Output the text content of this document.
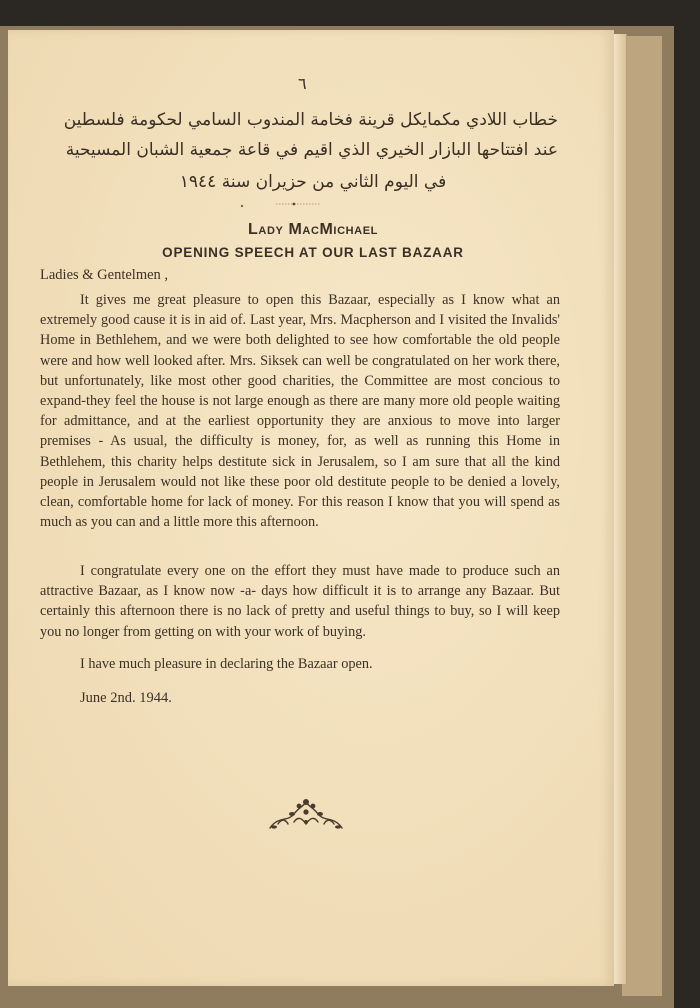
٦
خطاب اللادي مكمايكل قرينة فخامة المندوب السامي لحكومة فلسطين
عند افتتاحها البازار الخيري الذي اقيم في قاعة جمعية الشبان المسيحية
في اليوم الثاني من حزيران سنة ١٩٤٤
Lady MacMichael
OPENING SPEECH AT OUR LAST BAZAAR
Ladies & Gentelmen ,

It gives me great pleasure to open this Bazaar, especially as I know what an extremely good cause it is in aid of. Last year, Mrs. Macpherson and I visited the Invalids' Home in Bethlehem, and we were both delighted to see how comfortable the old people were and how well looked after. Mrs. Siksek can well be congratulated on her work there, but unfortunately, like most other good charities, the Committee are most concious to expand-they feel the house is not large enough as there are many more old people waiting for admittance, and at the earliest opportunity they are anxious to move into larger premises - As usual, the difficulty is money, for, as well as running this Home in Bethlehem, this charity helps destitute sick in Jerusalem, so I am sure that all the kind people in Jerusalem would not like these poor old destitute people to be denied a lovely, clean, comfortable home for lack of money. For this reason I know that you will spend as much as you can and a little more this afternoon.

I congratulate every one on the effort they must have made to produce such an attractive Bazaar, as I know now -a- days how difficult it is to arrange any Bazaar. But certainly this afternoon there is no lack of pretty and useful things to buy, so I will keep you no longer from getting on with your work of buying.

I have much pleasure in declaring the Bazaar open.

June 2nd. 1944.
